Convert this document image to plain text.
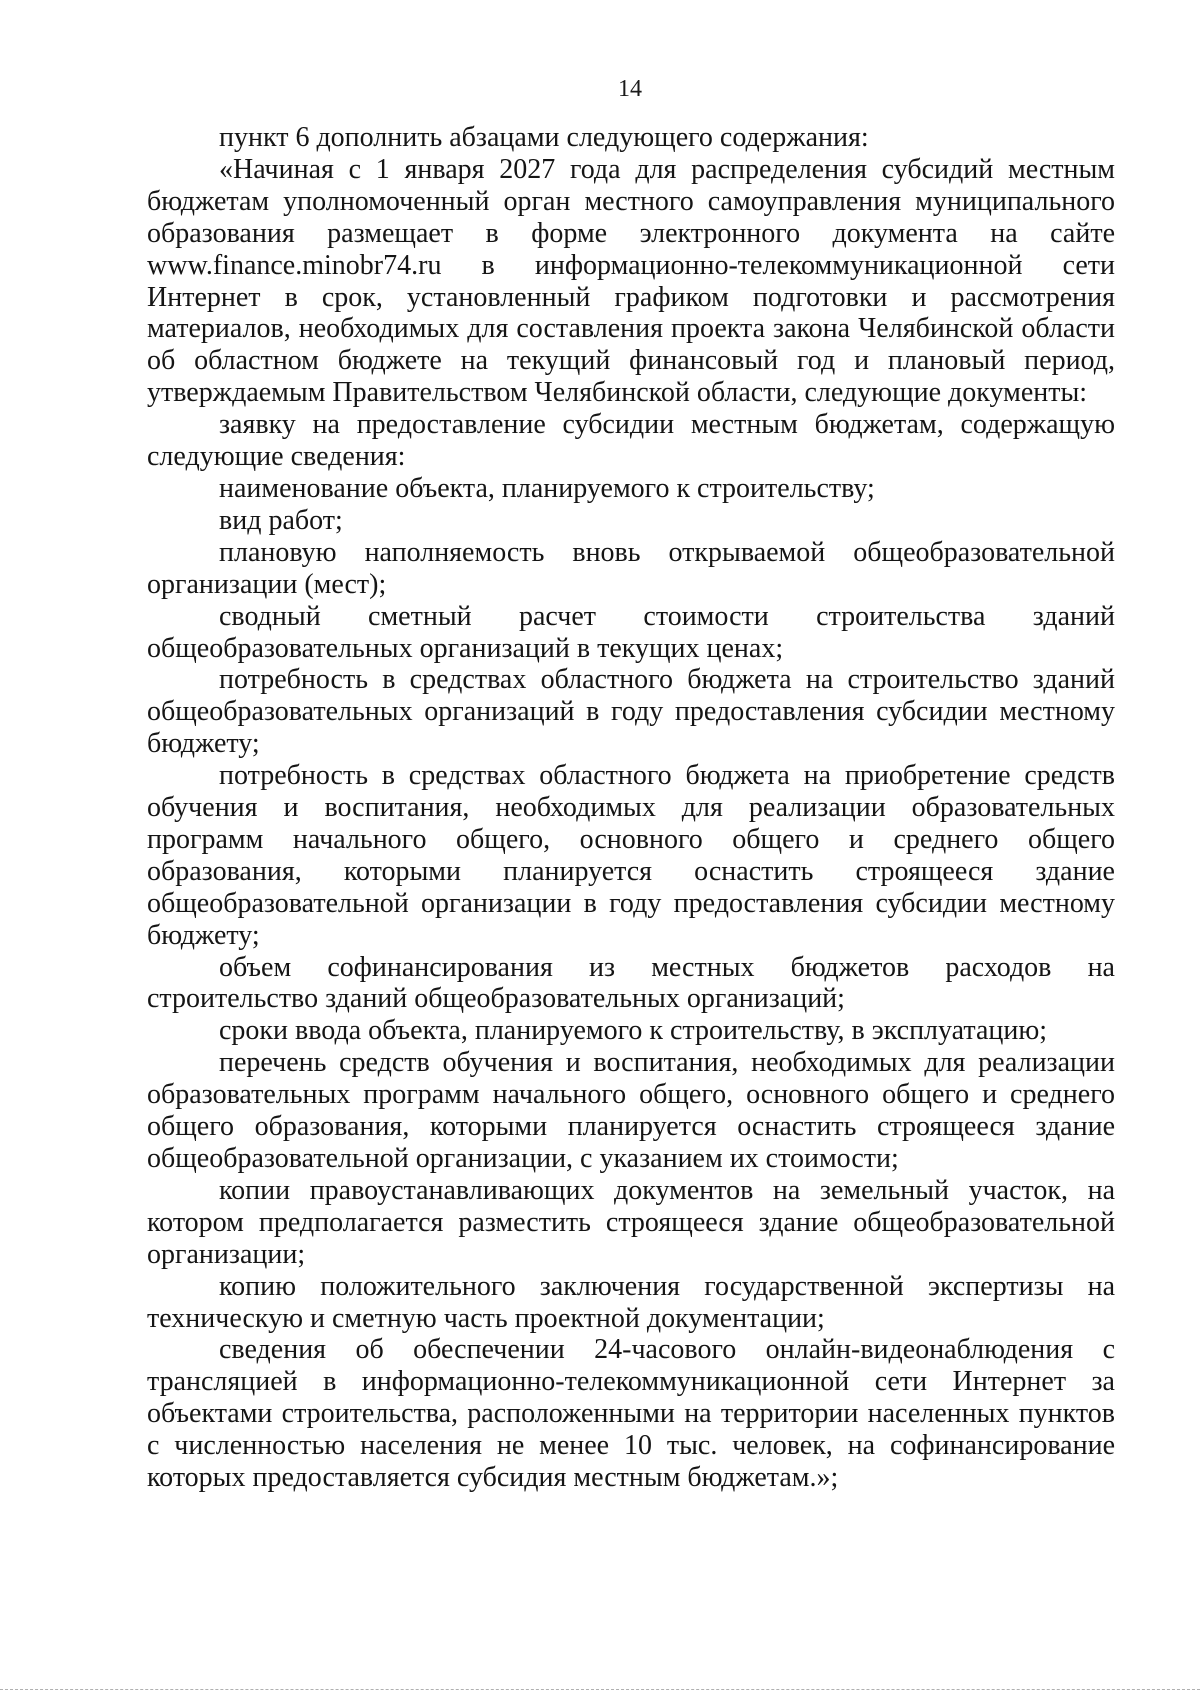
14

пункт 6 дополнить абзацами следующего содержания:

«Начиная с 1 января 2027 года для распределения субсидий местным бюджетам уполномоченный орган местного самоуправления муниципального образования размещает в форме электронного документа на сайте www.finance.minobr74.ru в информационно-телекоммуникационной сети Интернет в срок, установленный графиком подготовки и рассмотрения материалов, необходимых для составления проекта закона Челябинской области об областном бюджете на текущий финансовый год и плановый период, утверждаемым Правительством Челябинской области, следующие документы:

заявку на предоставление субсидии местным бюджетам, содержащую следующие сведения:

наименование объекта, планируемого к строительству;

вид работ;

плановую наполняемость вновь открываемой общеобразовательной организации (мест);

сводный сметный расчет стоимости строительства зданий общеобразовательных организаций в текущих ценах;

потребность в средствах областного бюджета на строительство зданий общеобразовательных организаций в году предоставления субсидии местному бюджету;

потребность в средствах областного бюджета на приобретение средств обучения и воспитания, необходимых для реализации образовательных программ начального общего, основного общего и среднего общего образования, которыми планируется оснастить строящееся здание общеобразовательной организации в году предоставления субсидии местному бюджету;

объем софинансирования из местных бюджетов расходов на строительство зданий общеобразовательных организаций;

сроки ввода объекта, планируемого к строительству, в эксплуатацию;

перечень средств обучения и воспитания, необходимых для реализации образовательных программ начального общего, основного общего и среднего общего образования, которыми планируется оснастить строящееся здание общеобразовательной организации, с указанием их стоимости;

копии правоустанавливающих документов на земельный участок, на котором предполагается разместить строящееся здание общеобразовательной организации;

копию положительного заключения государственной экспертизы на техническую и сметную часть проектной документации;

сведения об обеспечении 24-часового онлайн-видеонаблюдения с трансляцией в информационно-телекоммуникационной сети Интернет за объектами строительства, расположенными на территории населенных пунктов с численностью населения не менее 10 тыс. человек, на софинансирование которых предоставляется субсидия местным бюджетам.»;
